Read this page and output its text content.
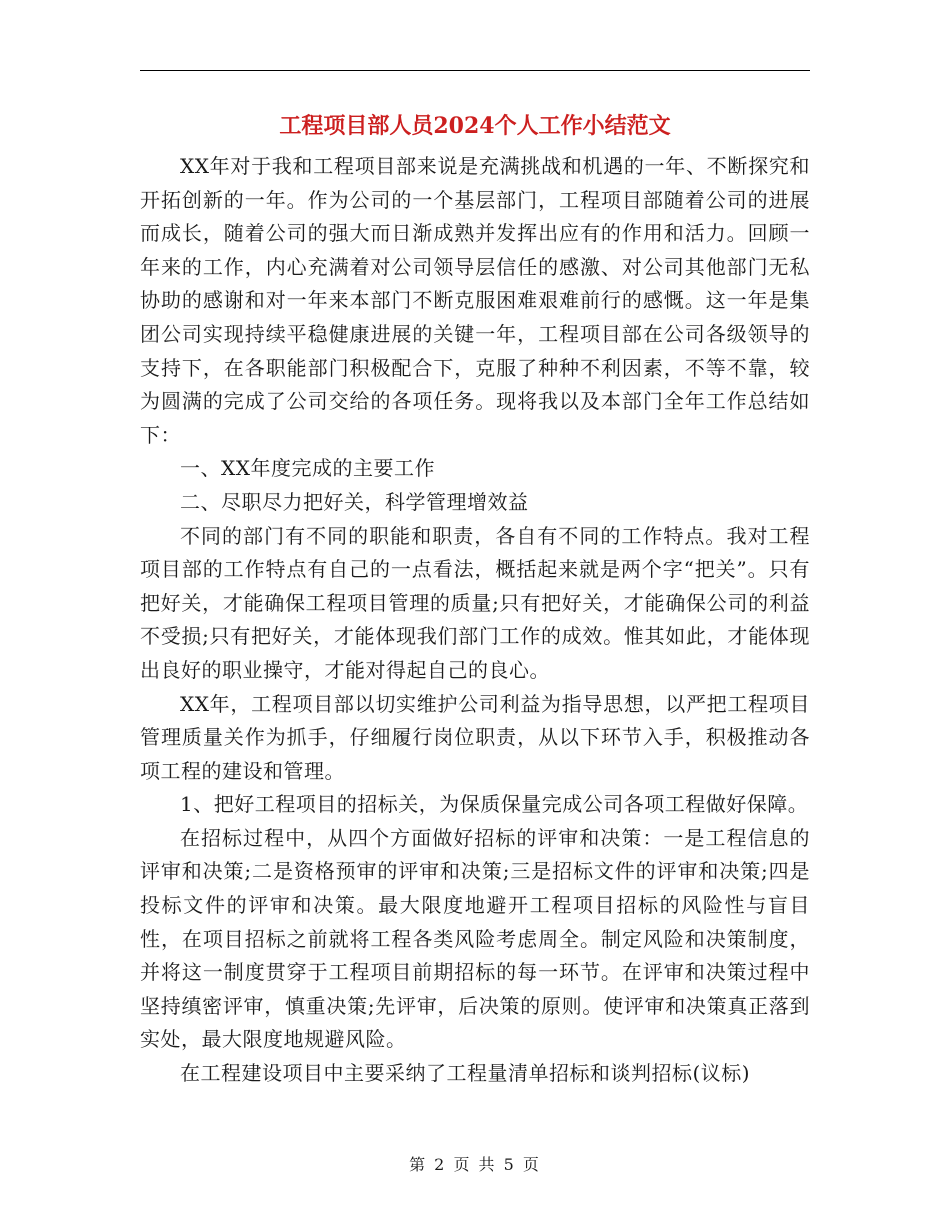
工程项目部人员2024个人工作小结范文

XX年对于我和工程项目部来说是充满挑战和机遇的一年、不断探究和开拓创新的一年。作为公司的一个基层部门，工程项目部随着公司的进展而成长，随着公司的强大而日渐成熟并发挥出应有的作用和活力。回顾一年来的工作，内心充满着对公司领导层信任的感激、对公司其他部门无私协助的感谢和对一年来本部门不断克服困难艰难前行的感慨。这一年是集团公司实现持续平稳健康进展的关键一年，工程项目部在公司各级领导的支持下，在各职能部门积极配合下，克服了种种不利因素，不等不靠，较为圆满的完成了公司交给的各项任务。现将我以及本部门全年工作总结如下：

一、XX年度完成的主要工作

二、尽职尽力把好关，科学管理增效益

不同的部门有不同的职能和职责，各自有不同的工作特点。我对工程项目部的工作特点有自己的一点看法，概括起来就是两个字“把关”。只有把好关，才能确保工程项目管理的质量;只有把好关，才能确保公司的利益不受损;只有把好关，才能体现我们部门工作的成效。惟其如此，才能体现出良好的职业操守，才能对得起自己的良心。

XX年，工程项目部以切实维护公司利益为指导思想，以严把工程项目管理质量关作为抓手，仔细履行岗位职责，从以下环节入手，积极推动各项工程的建设和管理。

1、把好工程项目的招标关，为保质保量完成公司各项工程做好保障。

在招标过程中，从四个方面做好招标的评审和决策：一是工程信息的评审和决策;二是资格预审的评审和决策;三是招标文件的评审和决策;四是投标文件的评审和决策。最大限度地避开工程项目招标的风险性与盲目性，在项目招标之前就将工程各类风险考虑周全。制定风险和决策制度，并将这一制度贯穿于工程项目前期招标的每一环节。在评审和决策过程中坚持缜密评审，慎重决策;先评审，后决策的原则。使评审和决策真正落到实处，最大限度地规避风险。

在工程建设项目中主要采纳了工程量清单招标和谈判招标(议标)

第 2 页 共 5 页
